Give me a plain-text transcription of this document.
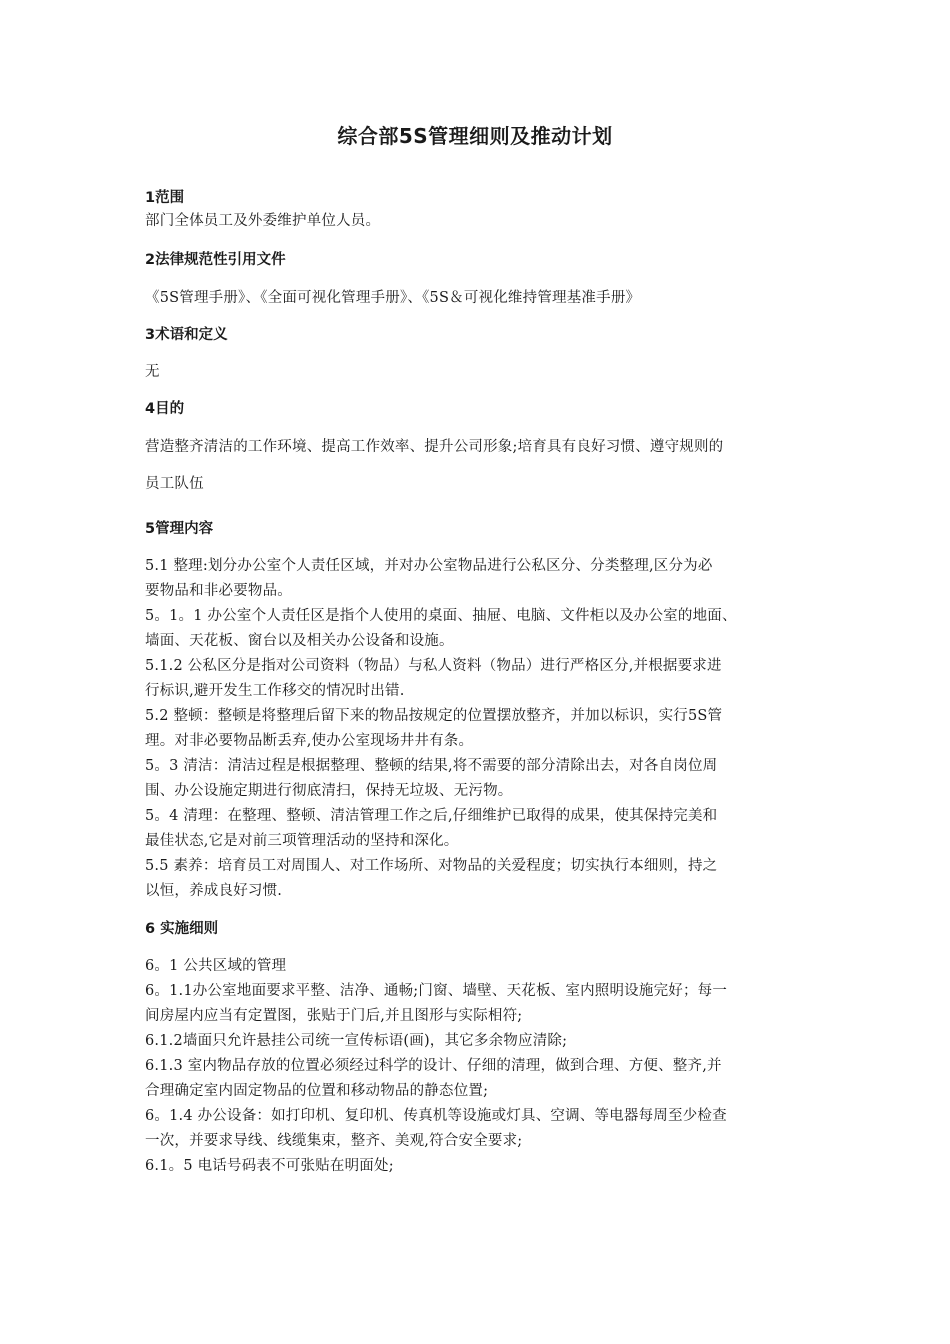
综合部5S管理细则及推动计划
1范围
部门全体员工及外委维护单位人员。
2法律规范性引用文件
《5S管理手册》、《全面可视化管理手册》、《5S＆可视化维持管理基准手册》
3术语和定义
无
4目的
营造整齐清洁的工作环境、提高工作效率、提升公司形象;培育具有良好习惯、遵守规则的
员工队伍
5管理内容
5.1 整理:划分办公室个人责任区域，并对办公室物品进行公私区分、分类整理,区分为必
要物品和非必要物品。
5。1。1 办公室个人责任区是指个人使用的桌面、抽屉、电脑、文件柜以及办公室的地面、
墙面、天花板、窗台以及相关办公设备和设施。
5.1.2 公私区分是指对公司资料（物品）与私人资料（物品）进行严格区分,并根据要求进
行标识,避开发生工作移交的情况时出错.
5.2 整顿：整顿是将整理后留下来的物品按规定的位置摆放整齐，并加以标识，实行5S管
理。对非必要物品断丢弃,使办公室现场井井有条。
5。3 清洁：清洁过程是根据整理、整顿的结果,将不需要的部分清除出去，对各自岗位周
围、办公设施定期进行彻底清扫，保持无垃圾、无污物。
5。4 清理：在整理、整顿、清洁管理工作之后,仔细维护已取得的成果，使其保持完美和
最佳状态,它是对前三项管理活动的坚持和深化。
5.5 素养：培育员工对周围人、对工作场所、对物品的关爱程度；切实执行本细则，持之
以恒，养成良好习惯.
6 实施细则
6。1 公共区域的管理
6。1.1办公室地面要求平整、洁净、通畅;门窗、墙壁、天花板、室内照明设施完好；每一
间房屋内应当有定置图，张贴于门后,并且图形与实际相符;
6.1.2墙面只允许悬挂公司统一宣传标语(画)，其它多余物应清除;
6.1.3 室内物品存放的位置必须经过科学的设计、仔细的清理，做到合理、方便、整齐,并
合理确定室内固定物品的位置和移动物品的静态位置;
6。1.4 办公设备：如打印机、复印机、传真机等设施或灯具、空调、等电器每周至少检查
一次，并要求导线、线缆集束，整齐、美观,符合安全要求;
6.1。5 电话号码表不可张贴在明面处;
